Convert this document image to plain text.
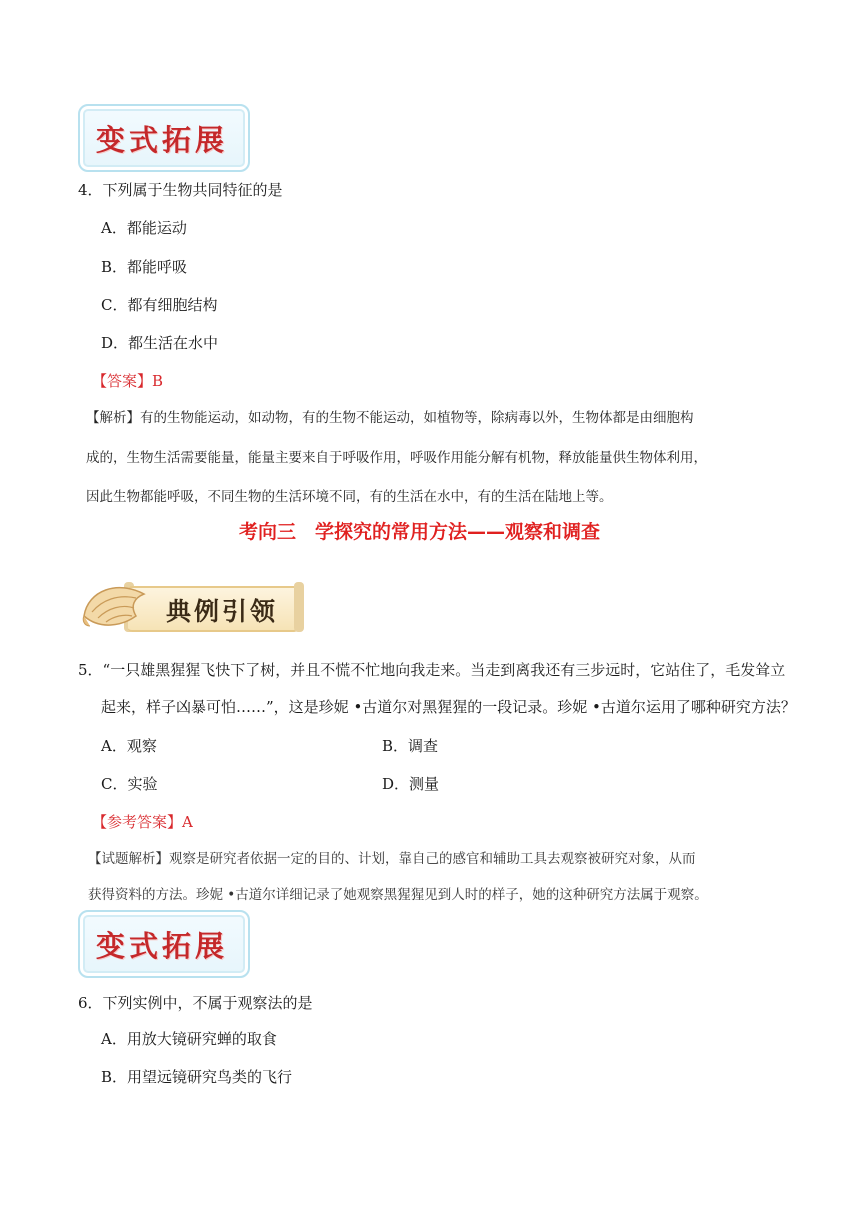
变式拓展
4．下列属于生物共同特征的是
A．都能运动
B．都能呼吸
C．都有细胞结构
D．都生活在水中
【答案】B
【解析】有的生物能运动，如动物，有的生物不能运动，如植物等，除病毒以外，生物体都是由细胞构
成的，生物生活需要能量，能量主要来自于呼吸作用，呼吸作用能分解有机物，释放能量供生物体利用，
因此生物都能呼吸，不同生物的生活环境不同，有的生活在水中，有的生活在陆地上等。
考向三　学探究的常用方法——观察和调查
典例引领
5．“一只雄黑猩猩飞快下了树，并且不慌不忙地向我走来。当走到离我还有三步远时，它站住了，毛发耸立
起来，样子凶暴可怕……”，这是珍妮 •古道尔对黑猩猩的一段记录。珍妮 •古道尔运用了哪种研究方法？
A．观察	B．调查
C．实验	D．测量
【参考答案】A
【试题解析】观察是研究者依据一定的目的、计划，靠自己的感官和辅助工具去观察被研究对象，从而
获得资料的方法。珍妮 •古道尔详细记录了她观察黑猩猩见到人时的样子，她的这种研究方法属于观察。
变式拓展
6．下列实例中，不属于观察法的是
A．用放大镜研究蝉的取食
B．用望远镜研究鸟类的飞行
